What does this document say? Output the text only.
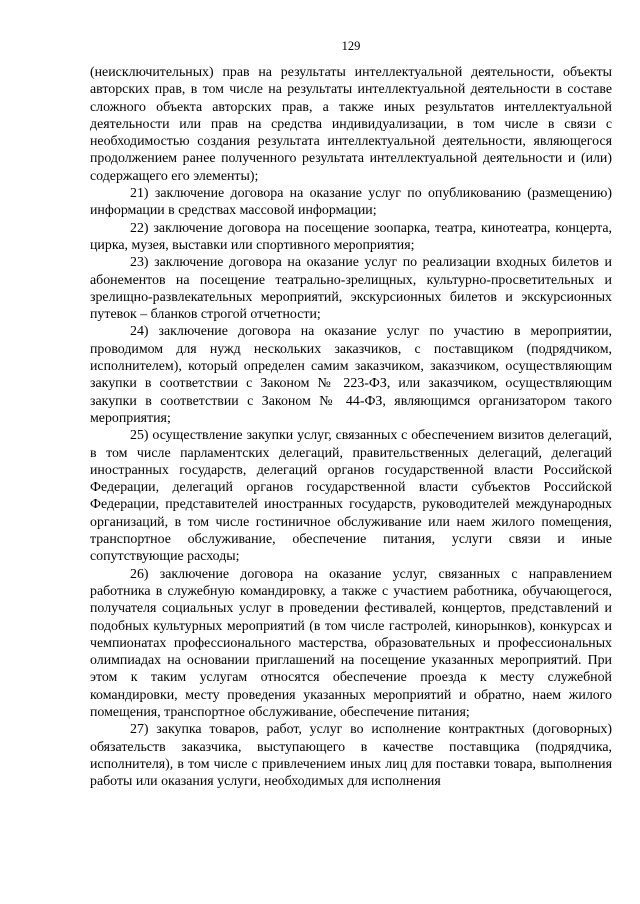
129

(неисключительных) прав на результаты интеллектуальной деятельности, объекты авторских прав, в том числе на результаты интеллектуальной деятельности в составе сложного объекта авторских прав, а также иных результатов интеллектуальной деятельности или прав на средства индивидуализации, в том числе в связи с необходимостью создания результата интеллектуальной деятельности, являющегося продолжением ранее полученного результата интеллектуальной деятельности и (или) содержащего его элементы);

21) заключение договора на оказание услуг по опубликованию (размещению) информации в средствах массовой информации;

22) заключение договора на посещение зоопарка, театра, кинотеатра, концерта, цирка, музея, выставки или спортивного мероприятия;

23) заключение договора на оказание услуг по реализации входных билетов и абонементов на посещение театрально-зрелищных, культурно-просветительных и зрелищно-развлекательных мероприятий, экскурсионных билетов и экскурсионных путевок – бланков строгой отчетности;

24) заключение договора на оказание услуг по участию в мероприятии, проводимом для нужд нескольких заказчиков, с поставщиком (подрядчиком, исполнителем), который определен самим заказчиком, заказчиком, осуществляющим закупки в соответствии с Законом № 223-ФЗ, или заказчиком, осуществляющим закупки в соответствии с Законом № 44-ФЗ, являющимся организатором такого мероприятия;

25) осуществление закупки услуг, связанных с обеспечением визитов делегаций, в том числе парламентских делегаций, правительственных делегаций, делегаций иностранных государств, делегаций органов государственной власти Российской Федерации, делегаций органов государственной власти субъектов Российской Федерации, представителей иностранных государств, руководителей международных организаций, в том числе гостиничное обслуживание или наем жилого помещения, транспортное обслуживание, обеспечение питания, услуги связи и иные сопутствующие расходы;

26) заключение договора на оказание услуг, связанных с направлением работника в служебную командировку, а также с участием работника, обучающегося, получателя социальных услуг в проведении фестивалей, концертов, представлений и подобных культурных мероприятий (в том числе гастролей, кинорынков), конкурсах и чемпионатах профессионального мастерства, образовательных и профессиональных олимпиадах на основании приглашений на посещение указанных мероприятий. При этом к таким услугам относятся обеспечение проезда к месту служебной командировки, месту проведения указанных мероприятий и обратно, наем жилого помещения, транспортное обслуживание, обеспечение питания;

27) закупка товаров, работ, услуг во исполнение контрактных (договорных) обязательств заказчика, выступающего в качестве поставщика (подрядчика, исполнителя), в том числе с привлечением иных лиц для поставки товара, выполнения работы или оказания услуги, необходимых для исполнения
